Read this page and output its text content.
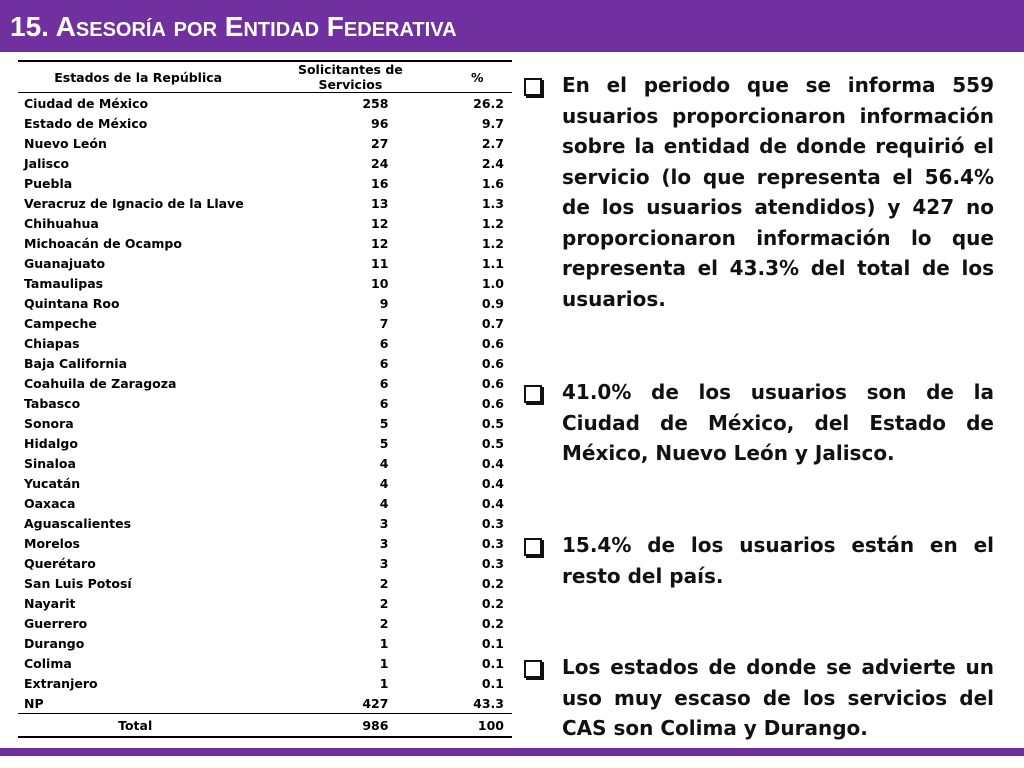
15. Asesoría por Entidad Federativa
Estados de la República	Solicitantes de Servicios	%
Ciudad de México	258	26.2
Estado de México	96	9.7
Nuevo León	27	2.7
Jalisco	24	2.4
Puebla	16	1.6
Veracruz de Ignacio de la Llave	13	1.3
Chihuahua	12	1.2
Michoacán de Ocampo	12	1.2
Guanajuato	11	1.1
Tamaulipas	10	1.0
Quintana Roo	9	0.9
Campeche	7	0.7
Chiapas	6	0.6
Baja California	6	0.6
Coahuila de Zaragoza	6	0.6
Tabasco	6	0.6
Sonora	5	0.5
Hidalgo	5	0.5
Sinaloa	4	0.4
Yucatán	4	0.4
Oaxaca	4	0.4
Aguascalientes	3	0.3
Morelos	3	0.3
Querétaro	3	0.3
San Luis Potosí	2	0.2
Nayarit	2	0.2
Guerrero	2	0.2
Durango	1	0.1
Colima	1	0.1
Extranjero	1	0.1
NP	427	43.3
Total	986	100
En el periodo que se informa 559 usuarios proporcionaron información sobre la entidad de donde requirió el servicio (lo que representa el 56.4% de los usuarios atendidos) y 427 no proporcionaron información lo que representa el 43.3% del total de los usuarios.
41.0% de los usuarios son de la Ciudad de México, del Estado de México, Nuevo León y Jalisco.
15.4% de los usuarios están en el resto del país.
Los estados de donde se advierte un uso muy escaso de los servicios del CAS son Colima y Durango.
